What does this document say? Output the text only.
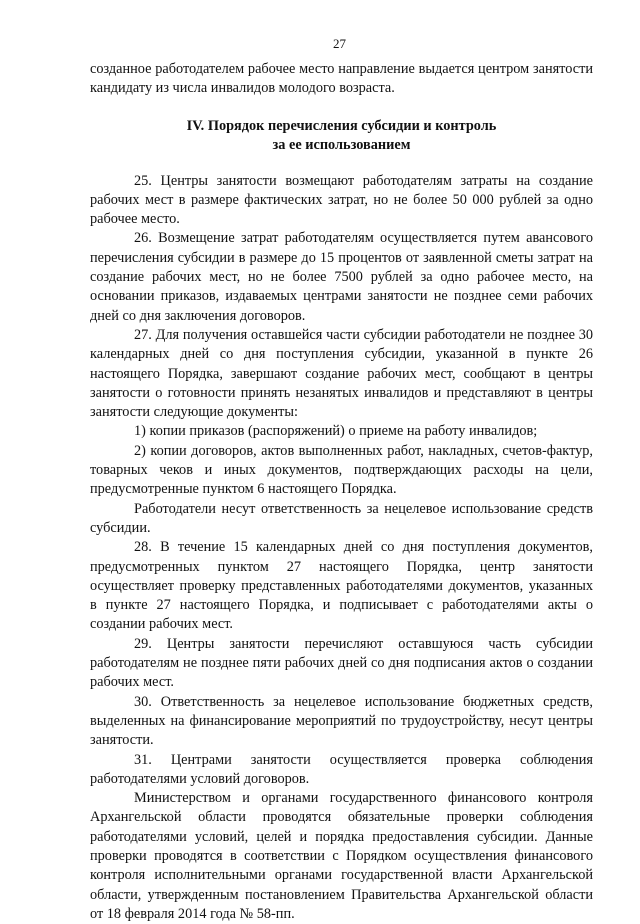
27

созданное работодателем рабочее место направление выдается центром занятости кандидату из числа инвалидов молодого возраста.

IV. Порядок перечисления субсидии и контроль
за ее использованием

25. Центры занятости возмещают работодателям затраты на создание рабочих мест в размере фактических затрат, но не более 50 000 рублей за одно рабочее место.

26. Возмещение затрат работодателям осуществляется путем авансового перечисления субсидии в размере до 15 процентов от заявленной сметы затрат на создание рабочих мест, но не более 7500 рублей за одно рабочее место, на основании приказов, издаваемых центрами занятости не позднее семи рабочих дней со дня заключения договоров.

27. Для получения оставшейся части субсидии работодатели не позднее 30 календарных дней со дня поступления субсидии, указанной в пункте 26 настоящего Порядка, завершают создание рабочих мест, сообщают в центры занятости о готовности принять незанятых инвалидов и представляют в центры занятости следующие документы:

1) копии приказов (распоряжений) о приеме на работу инвалидов;

2) копии договоров, актов выполненных работ, накладных, счетов-фактур, товарных чеков и иных документов, подтверждающих расходы на цели, предусмотренные пунктом 6 настоящего Порядка.

Работодатели несут ответственность за нецелевое использование средств субсидии.

28. В течение 15 календарных дней со дня поступления документов, предусмотренных пунктом 27 настоящего Порядка, центр занятости осуществляет проверку представленных работодателями документов, указанных в пункте 27 настоящего Порядка, и подписывает с работодателями акты о создании рабочих мест.

29. Центры занятости перечисляют оставшуюся часть субсидии работодателям не позднее пяти рабочих дней со дня подписания актов о создании рабочих мест.

30. Ответственность за нецелевое использование бюджетных средств, выделенных на финансирование мероприятий по трудоустройству, несут центры занятости.

31. Центрами занятости осуществляется проверка соблюдения работодателями условий договоров.

Министерством и органами государственного финансового контроля Архангельской области проводятся обязательные проверки соблюдения работодателями условий, целей и порядка предоставления субсидии. Данные проверки проводятся в соответствии с Порядком осуществления финансового контроля исполнительными органами государственной власти Архангельской области, утвержденным постановлением Правительства Архангельской области от 18 февраля 2014 года № 58-пп.
